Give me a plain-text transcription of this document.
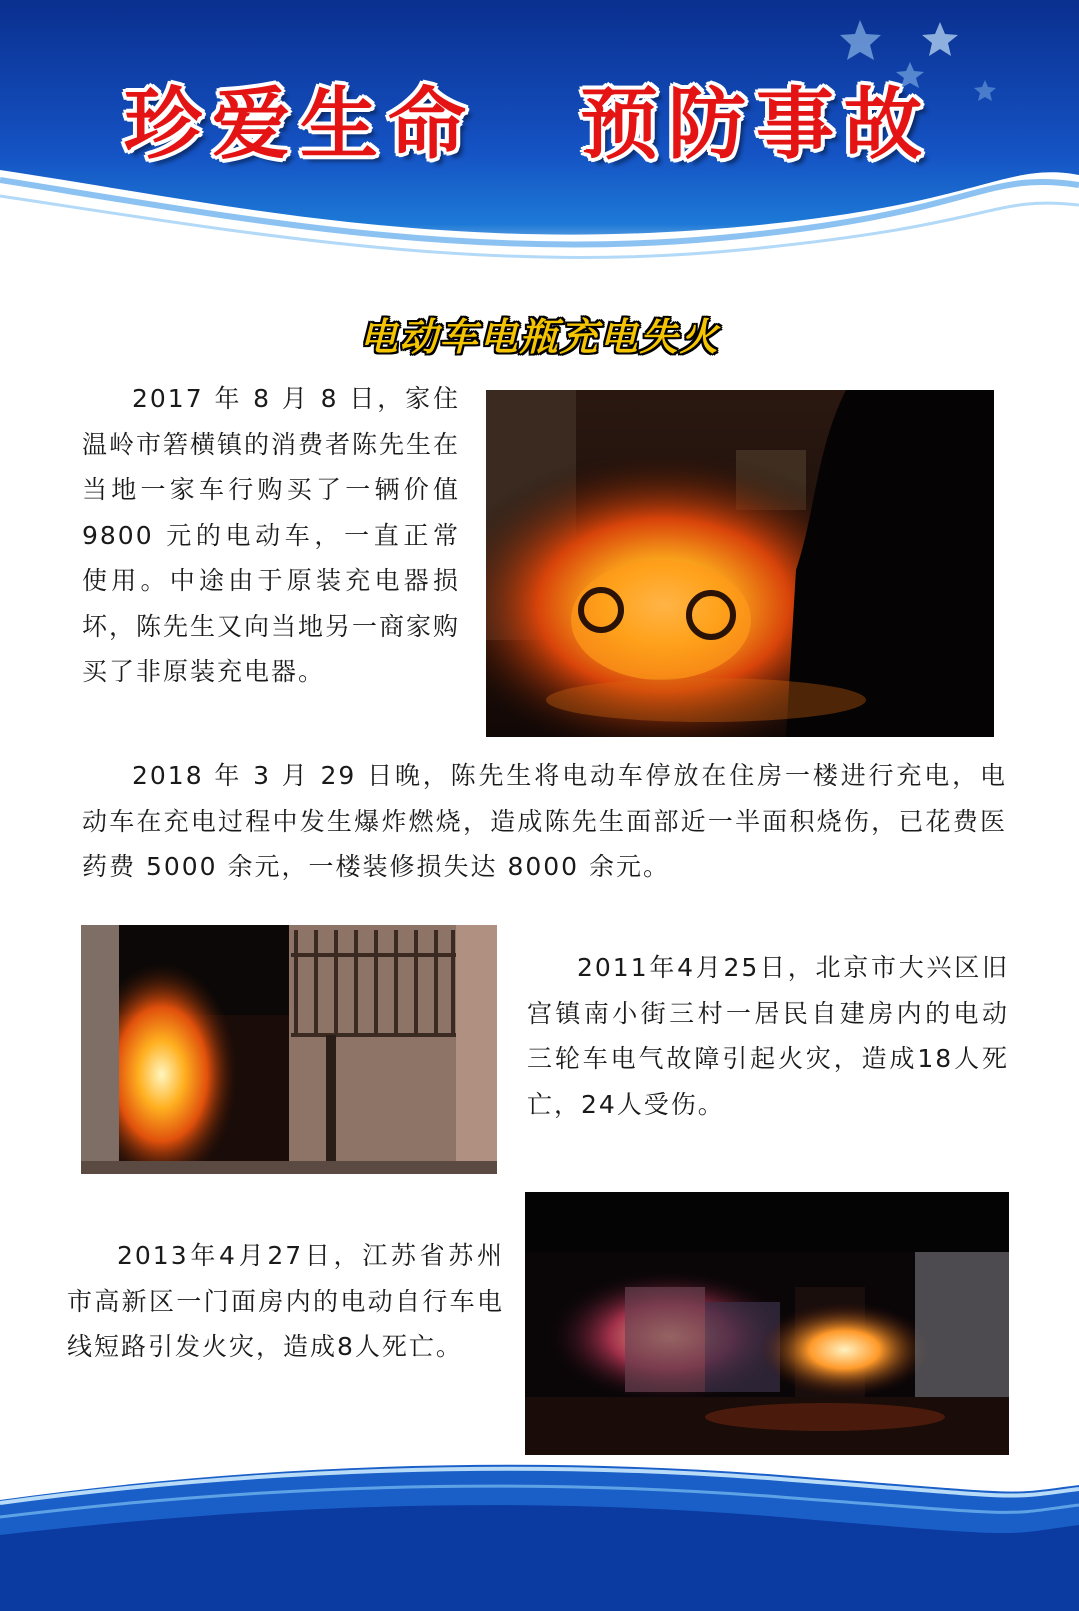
珍爱生命 预防事故
电动车电瓶充电失火

2017 年 8 月 8 日，家住温岭市箬横镇的消费者陈先生在当地一家车行购买了一辆价值 9800 元的电动车，一直正常使用。中途由于原装充电器损坏，陈先生又向当地另一商家购买了非原装充电器。

2018 年 3 月 29 日晚，陈先生将电动车停放在住房一楼进行充电，电动车在充电过程中发生爆炸燃烧，造成陈先生面部近一半面积烧伤，已花费医药费 5000 余元，一楼装修损失达 8000 余元。

2011年4月25日，北京市大兴区旧宫镇南小街三村一居民自建房内的电动三轮车电气故障引起火灾，造成18人死亡，24人受伤。

2013年4月27日，江苏省苏州市高新区一门面房内的电动自行车电线短路引发火灾，造成8人死亡。
